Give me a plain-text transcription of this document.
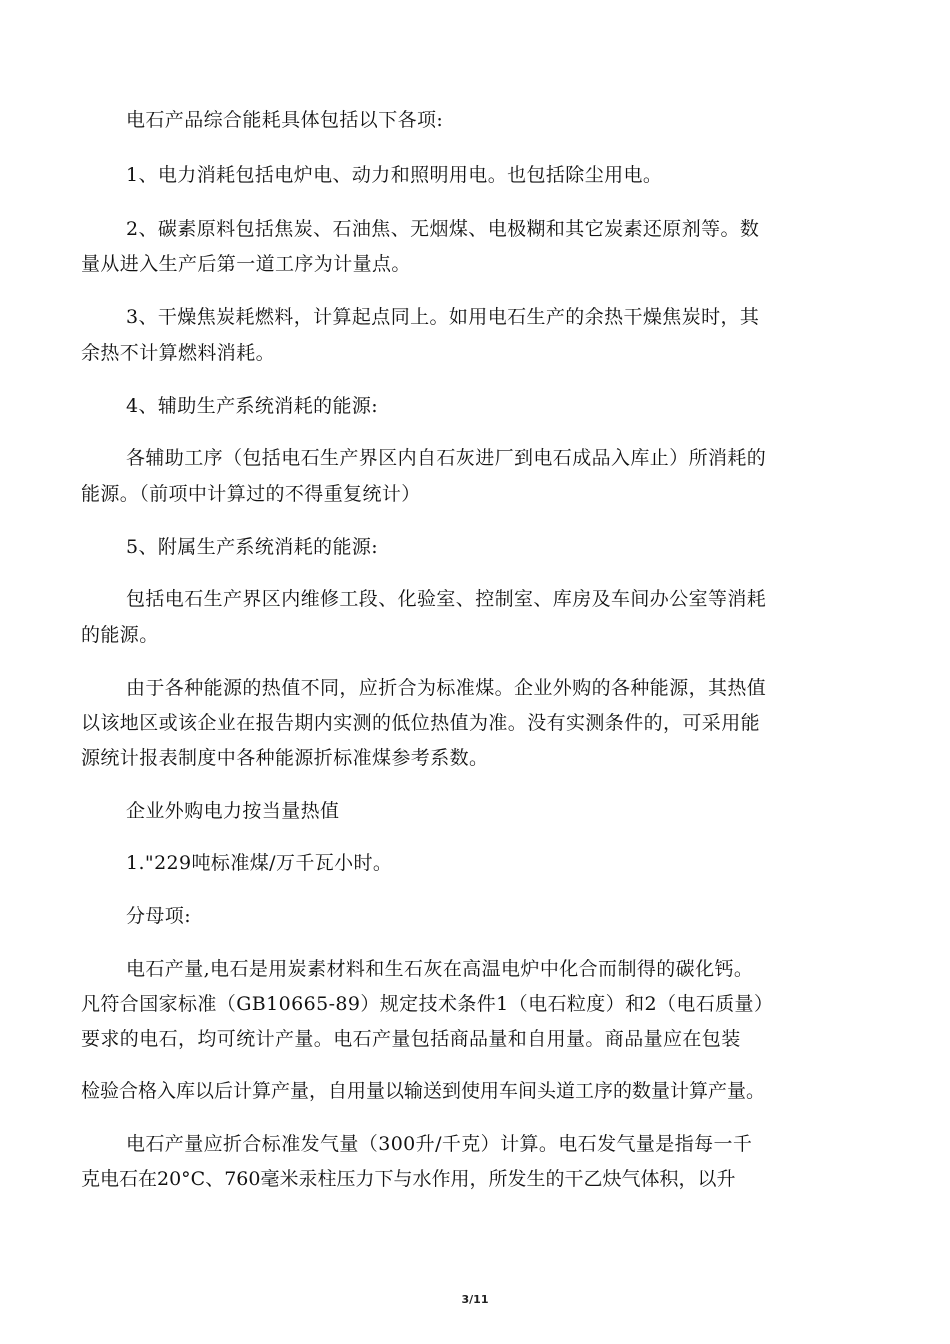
电石产品综合能耗具体包括以下各项:
1、电力消耗包括电炉电、动力和照明用电。也包括除尘用电。
2、碳素原料包括焦炭、石油焦、无烟煤、电极糊和其它炭素还原剂等。数
量从进入生产后第一道工序为计量点。
3、干燥焦炭耗燃料，计算起点同上。如用电石生产的余热干燥焦炭时，其
余热不计算燃料消耗。
4、辅助生产系统消耗的能源:
各辅助工序（包括电石生产界区内自石灰进厂到电石成品入库止）所消耗的
能源。（前项中计算过的不得重复统计）
5、附属生产系统消耗的能源:
包括电石生产界区内维修工段、化验室、控制室、库房及车间办公室等消耗
的能源。
由于各种能源的热值不同，应折合为标准煤。企业外购的各种能源，其热值
以该地区或该企业在报告期内实测的低位热值为准。没有实测条件的，可采用能
源统计报表制度中各种能源折标准煤参考系数。
企业外购电力按当量热值
1."229吨标准煤/万千瓦小时。
分母项:
电石产量,电石是用炭素材料和生石灰在高温电炉中化合而制得的碳化钙。
凡符合国家标准（GB10665-89）规定技术条件1（电石粒度）和2（电石质量）
要求的电石，均可统计产量。电石产量包括商品量和自用量。商品量应在包装
检验合格入库以后计算产量，自用量以输送到使用车间头道工序的数量计算产量。
电石产量应折合标准发气量（300升/千克）计算。电石发气量是指每一千
克电石在20°C、760毫米汞柱压力下与水作用，所发生的干乙炔气体积，以升
3/11
